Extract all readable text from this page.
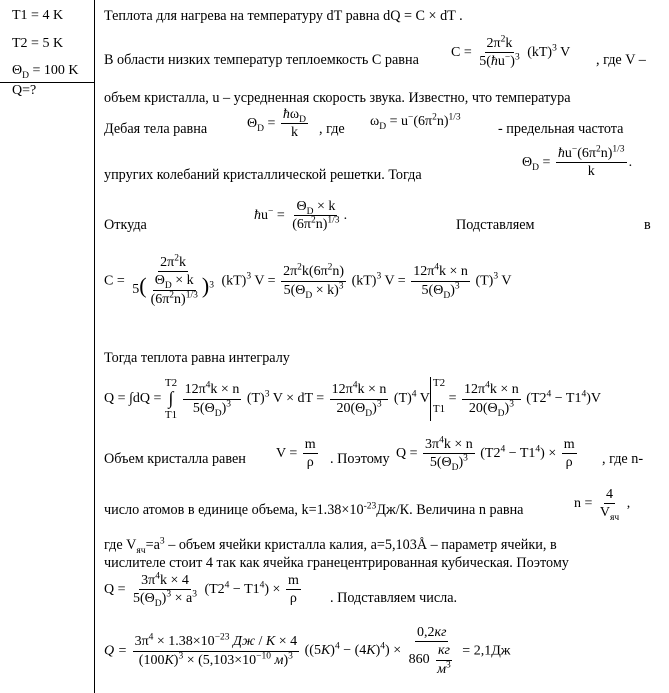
T1 = 4 K
T2 = 5 K
$\Theta_D = 100$ K
Q=?
Теплота для нагрева на температуру dT равна dQ = C × dT .
В области низких температур теплоемкость C равна $C = \frac{2\pi^2k}{5(ħu^-)^3} (kT)^3$ V , где V –
объем кристалла, u – усредненная скорость звука. Известно, что температура
Дебая тела равна	$\Theta_D = \frac{ħ\omega_D}{k}$ , где $\omega_D = u^-(6\pi^2n)^{1/3}$
- предельная частота
упругих колебаний кристаллической решетки. Тогда
$\Theta_D = \frac{ħu^-(6\pi^2n)^{1/3}}{k}$ .
Откуда
ħu− = $\frac{\Theta_D \times k}{(6\pi^2n)^{1/3}}$ .
Подставляем	в
$C = \frac{2\pi^2k}{5( \frac{\Theta_D \times k}{(6\pi^2n)^{1/3}} )^3} (kT)^3$ $V = \frac{2\pi^2k(6\pi^2n)}{5(\Theta_D \times k)^3} (kT)^3$ $V = \frac{12\pi^4k \times n}{5(\Theta_D)^3} (T)^3$ V
Тогда теплота равна интегралу
Q = ∫dQ = T2
∫
$T1 \frac{12\pi^4k \times n}{5(\Theta_D)^3} (T)^3$ V × dT = $\frac{12\pi^4k \times n}{20(\Theta_D)^3} (T)^4$ VT2

$T1 = \frac{12\pi^4k \times n}{20(\Theta_D)^3} (T2^4 - T1^4)V$
Объем кристалла равен $V = \frac{m}{\rho}$ . Поэтому $Q = \frac{3\pi^4k \times n}{5(\Theta_D)^3} (T2^4 - T1^4) \times \frac{m}{\rho}$ , где n-
число атомов в единице объема, $k=1.38\times 10^{-23}Дж/К$. Величина n равна	$n = \frac{4}{V_{яч}}$ ,
где $V_{яч}=a^3$ – объем ячейки кристалла калия, a=5,103Å – параметр ячейки, в
числителе стоит 4 так как ячейка гранецентрированная кубическая. Поэтому
$Q = \frac{3\pi^4k \times 4}{5(\Theta_D)^3 \times a^3} (T2^4 - T1^4) \times \frac{m}{\rho}$ . Подставляем числа.
$Q = \frac{3\pi^4 \times 1.38\times 10^{-23} Дж / K \times 4}{(100K)^3 \times (5,103\times 10^{-10} м)^3} ((5K)^4 - (4K)^4) \times \frac{0,2кг}{860 \frac{кг}{м^3}} = 2,1Дж$
